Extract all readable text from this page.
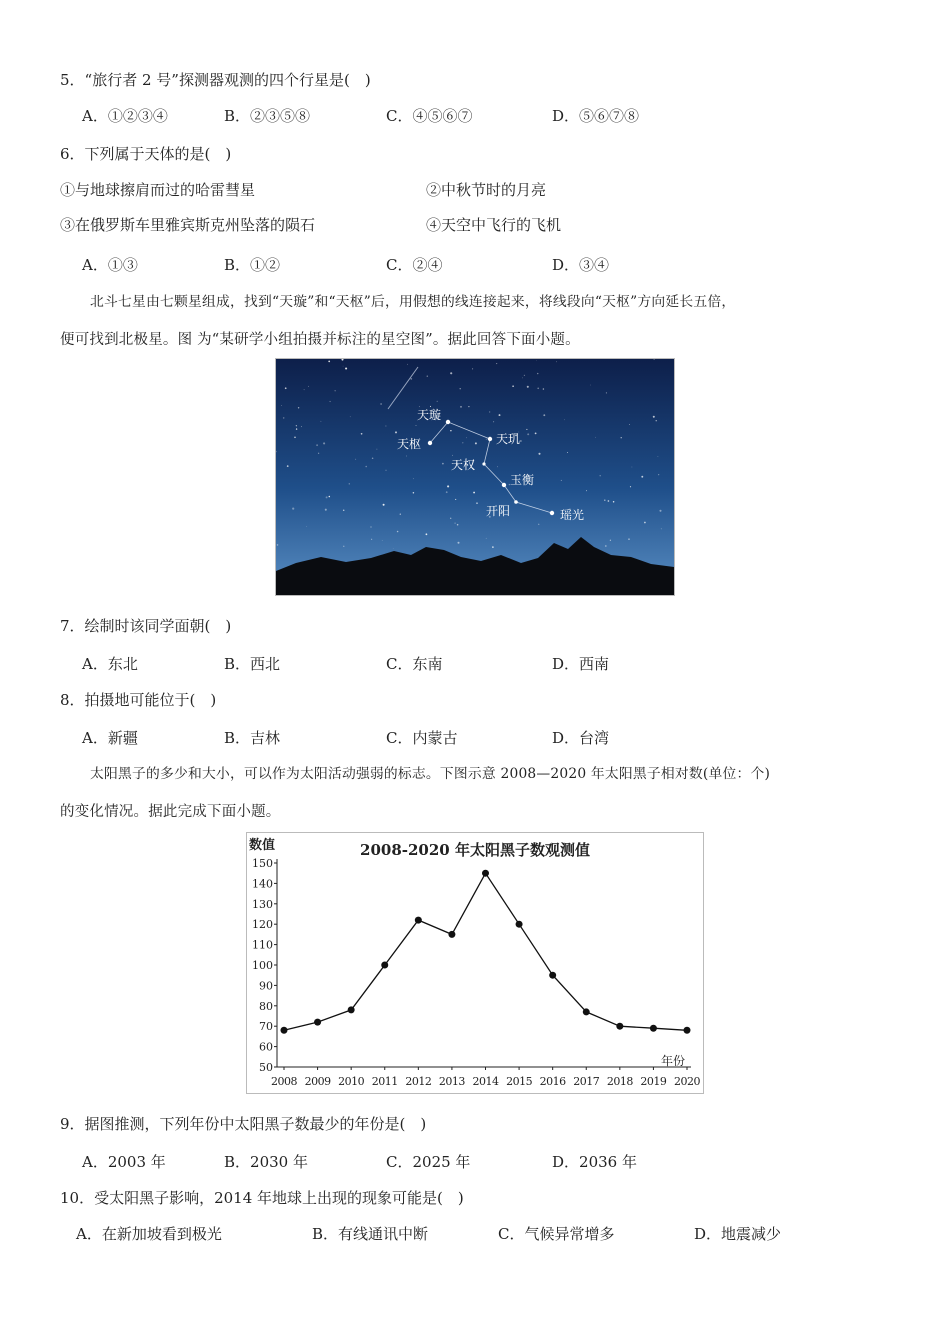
5．“旅行者 2 号”探测器观测的四个行星是(　)
A．①②③④	B．②③⑤⑧	C．④⑤⑥⑦	D．⑤⑥⑦⑧
6．下列属于天体的是(　)
①与地球擦肩而过的哈雷彗星	②中秋节时的月亮
③在俄罗斯车里雅宾斯克州坠落的陨石	④天空中飞行的飞机
A．①③	B．①②	C．②④	D．③④
北斗七星由七颗星组成，找到“天璇”和“天枢”后，用假想的线连接起来，将线段向“天枢”方向延长五倍，
便可找到北极星。图 为“某研学小组拍摄并标注的星空图”。据此回答下面小题。
天璇
天枢	天玑
天权
玉衡
开阳	瑶光
7．绘制时该同学面朝(　)
A．东北	B．西北	C．东南	D．西南
8．拍摄地可能位于(　)
A．新疆	B．吉林	C．内蒙古	D．台湾
太阳黑子的多少和大小，可以作为太阳活动强弱的标志。下图示意 2008—2020 年太阳黑子相对数(单位：个)
的变化情况。据此完成下面小题。
数值	2008-2020 年太阳黑子数观测值
年份
50
60
70
80
90
100
110
120
130
140
150
2008 2009 2010 2011 2012 2013 2014 2015 2016 2017 2018 2019 2020
9．据图推测，下列年份中太阳黑子数最少的年份是(　)
A．2003 年	B．2030 年	C．2025 年	D．2036 年
10．受太阳黑子影响，2014 年地球上出现的现象可能是(　)
A．在新加坡看到极光	B．有线通讯中断	C．气候异常增多	D．地震减少
